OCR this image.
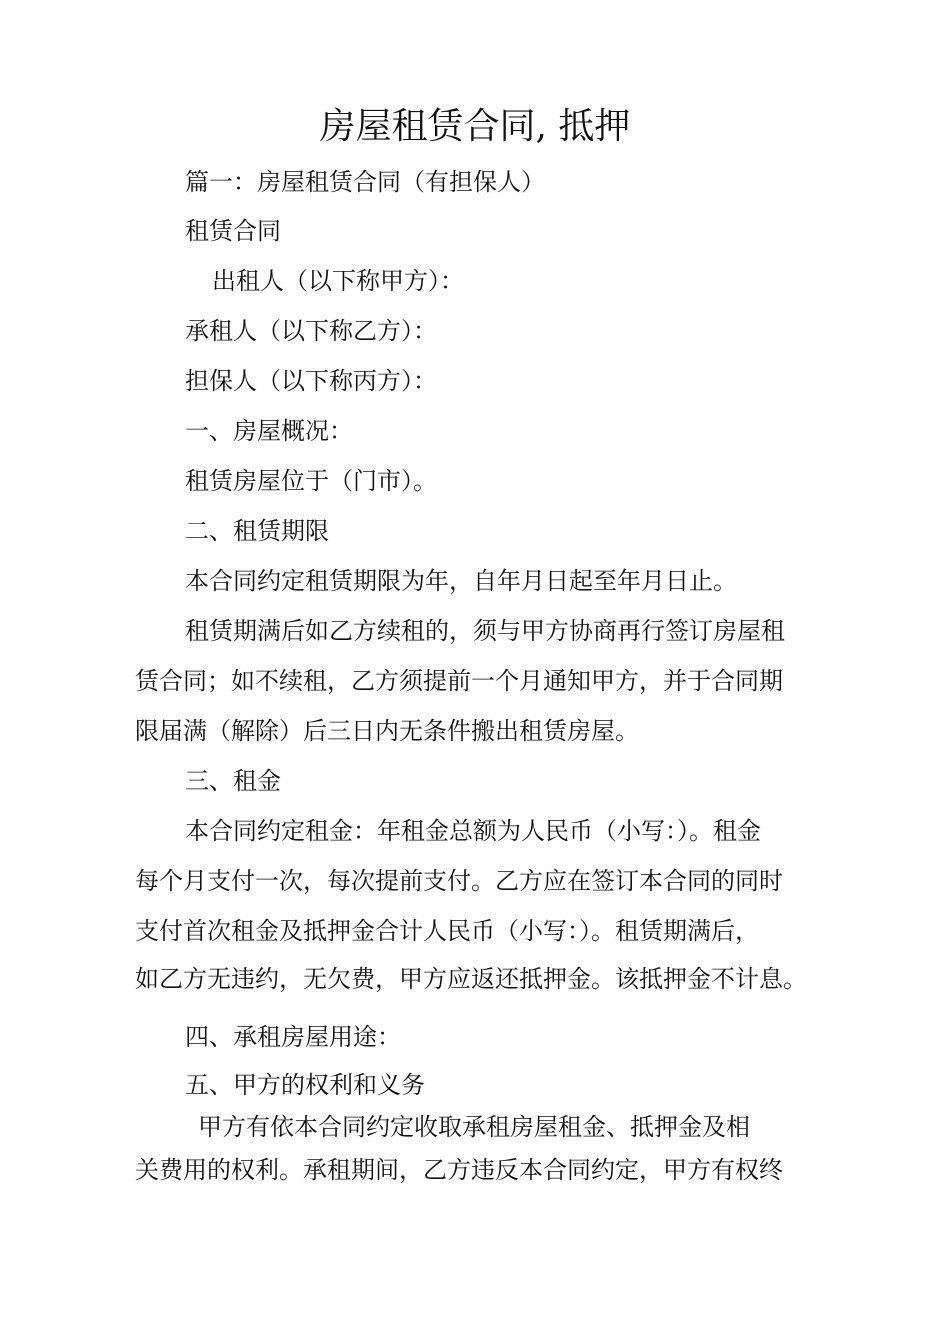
房屋租赁合同, 抵押
篇一：房屋租赁合同（有担保人）
租赁合同
出租人（以下称甲方）：
承租人（以下称乙方）：
担保人（以下称丙方）：
一、房屋概况：
租赁房屋位于（门市）。
二、租赁期限
本合同约定租赁期限为年，自年月日起至年月日止。
租赁期满后如乙方续租的，须与甲方协商再行签订房屋租
赁合同；如不续租，乙方须提前一个月通知甲方，并于合同期
限届满（解除）后三日内无条件搬出租赁房屋。
三、租金
本合同约定租金：年租金总额为人民币（小写：）。租金
每个月支付一次，每次提前支付。乙方应在签订本合同的同时
支付首次租金及抵押金合计人民币（小写：）。租赁期满后，
如乙方无违约，无欠费，甲方应返还抵押金。该抵押金不计息。
四、承租房屋用途：
五、甲方的权利和义务
甲方有依本合同约定收取承租房屋租金、抵押金及相
关费用的权利。承租期间，乙方违反本合同约定，甲方有权终
